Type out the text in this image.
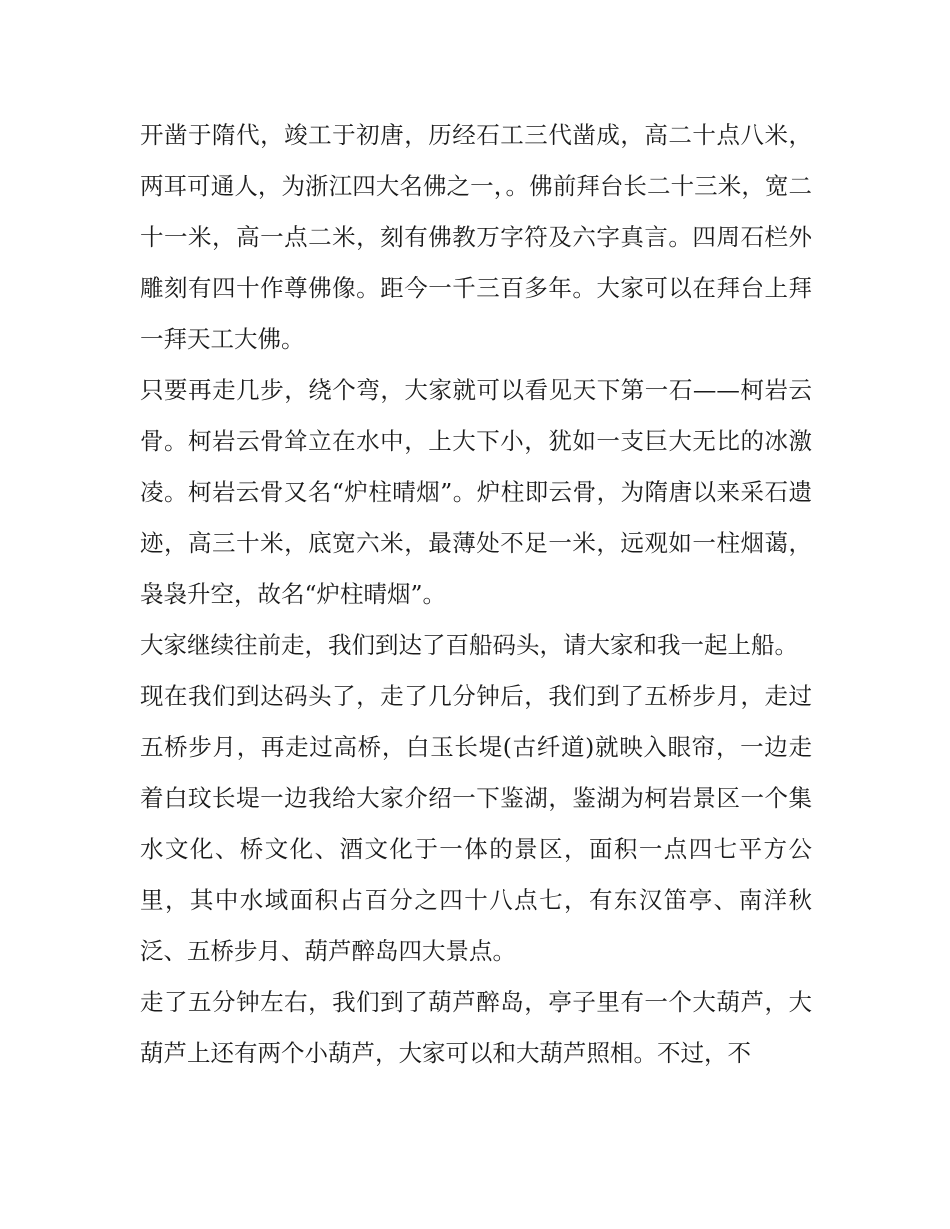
开凿于隋代，竣工于初唐，历经石工三代凿成，高二十点八米，两耳可通人，为浙江四大名佛之一，。佛前拜台长二十三米，宽二十一米，高一点二米，刻有佛教万字符及六字真言。四周石栏外雕刻有四十作尊佛像。距今一千三百多年。大家可以在拜台上拜一拜天工大佛。

只要再走几步，绕个弯，大家就可以看见天下第一石——柯岩云骨。柯岩云骨耸立在水中，上大下小，犹如一支巨大无比的冰激凌。柯岩云骨又名“炉柱晴烟”。炉柱即云骨，为隋唐以来采石遗迹，高三十米，底宽六米，最薄处不足一米，远观如一柱烟蔼，袅袅升空，故名“炉柱晴烟”。

大家继续往前走，我们到达了百船码头，请大家和我一起上船。

现在我们到达码头了，走了几分钟后，我们到了五桥步月，走过五桥步月，再走过高桥，白玉长堤(古纤道)就映入眼帘，一边走着白玟长堤一边我给大家介绍一下鉴湖，鉴湖为柯岩景区一个集水文化、桥文化、酒文化于一体的景区，面积一点四七平方公里，其中水域面积占百分之四十八点七，有东汉笛亭、南洋秋泛、五桥步月、葫芦醉岛四大景点。

走了五分钟左右，我们到了葫芦醉岛，亭子里有一个大葫芦，大葫芦上还有两个小葫芦，大家可以和大葫芦照相。不过，不
